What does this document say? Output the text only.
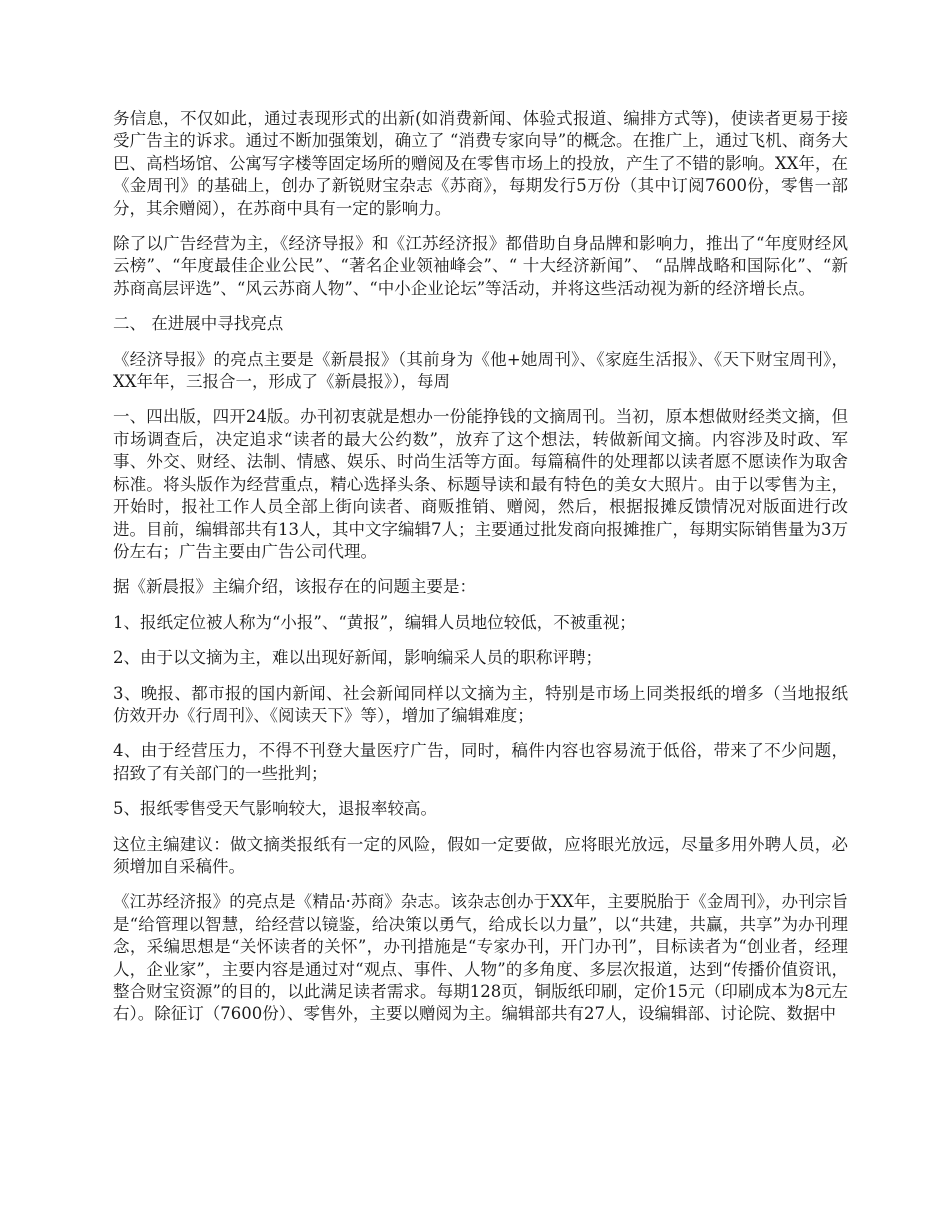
务信息，不仅如此，通过表现形式的出新(如消费新闻、体验式报道、编排方式等)，使读者更易于接受广告主的诉求。通过不断加强策划，确立了 “消费专家向导”的概念。在推广上，通过飞机、商务大巴、高档场馆、公寓写字楼等固定场所的赠阅及在零售市场上的投放，产生了不错的影响。XX年，在《金周刊》的基础上，创办了新锐财宝杂志《苏商》，每期发行5万份（其中订阅7600份，零售一部分，其余赠阅），在苏商中具有一定的影响力。

除了以广告经营为主，《经济导报》和《江苏经济报》都借助自身品牌和影响力，推出了“年度财经风云榜”、“年度最佳企业公民”、“著名企业领袖峰会”、“ 十大经济新闻”、 “品牌战略和国际化”、“新苏商高层评选”、“风云苏商人物”、“中小企业论坛”等活动，并将这些活动视为新的经济增长点。

二、 在进展中寻找亮点

《经济导报》的亮点主要是《新晨报》（其前身为《他+她周刊》、《家庭生活报》、《天下财宝周刊》，XX年年，三报合一，形成了《新晨报》），每周

一、四出版，四开24版。办刊初衷就是想办一份能挣钱的文摘周刊。当初，原本想做财经类文摘，但市场调查后，决定追求“读者的最大公约数”，放弃了这个想法，转做新闻文摘。内容涉及时政、军事、外交、财经、法制、情感、娱乐、时尚生活等方面。每篇稿件的处理都以读者愿不愿读作为取舍标准。将头版作为经营重点，精心选择头条、标题导读和最有特色的美女大照片。由于以零售为主，开始时，报社工作人员全部上街向读者、商贩推销、赠阅，然后，根据报摊反馈情况对版面进行改进。目前，编辑部共有13人，其中文字编辑7人；主要通过批发商向报摊推广，每期实际销售量为3万份左右；广告主要由广告公司代理。

据《新晨报》主编介绍，该报存在的问题主要是：

1、报纸定位被人称为“小报”、“黄报”，编辑人员地位较低，不被重视；

2、由于以文摘为主，难以出现好新闻，影响编采人员的职称评聘；

3、晚报、都市报的国内新闻、社会新闻同样以文摘为主，特别是市场上同类报纸的增多（当地报纸仿效开办《行周刊》、《阅读天下》等），增加了编辑难度；

4、由于经营压力，不得不刊登大量医疗广告，同时，稿件内容也容易流于低俗，带来了不少问题，招致了有关部门的一些批判；

5、报纸零售受天气影响较大，退报率较高。

这位主编建议：做文摘类报纸有一定的风险，假如一定要做，应将眼光放远，尽量多用外聘人员，必须增加自采稿件。

《江苏经济报》的亮点是《精品·苏商》杂志。该杂志创办于XX年，主要脱胎于《金周刊》，办刊宗旨是“给管理以智慧，给经营以镜鉴，给决策以勇气，给成长以力量”，以“共建，共赢，共享”为办刊理念，采编思想是“关怀读者的关怀”，办刊措施是“专家办刊，开门办刊”，目标读者为“创业者，经理人，企业家”，主要内容是通过对“观点、事件、人物”的多角度、多层次报道，达到“传播价值资讯，整合财宝资源”的目的，以此满足读者需求。每期128页，铜版纸印刷，定价15元（印刷成本为8元左右）。除征订（7600份）、零售外，主要以赠阅为主。编辑部共有27人，设编辑部、讨论院、数据中
